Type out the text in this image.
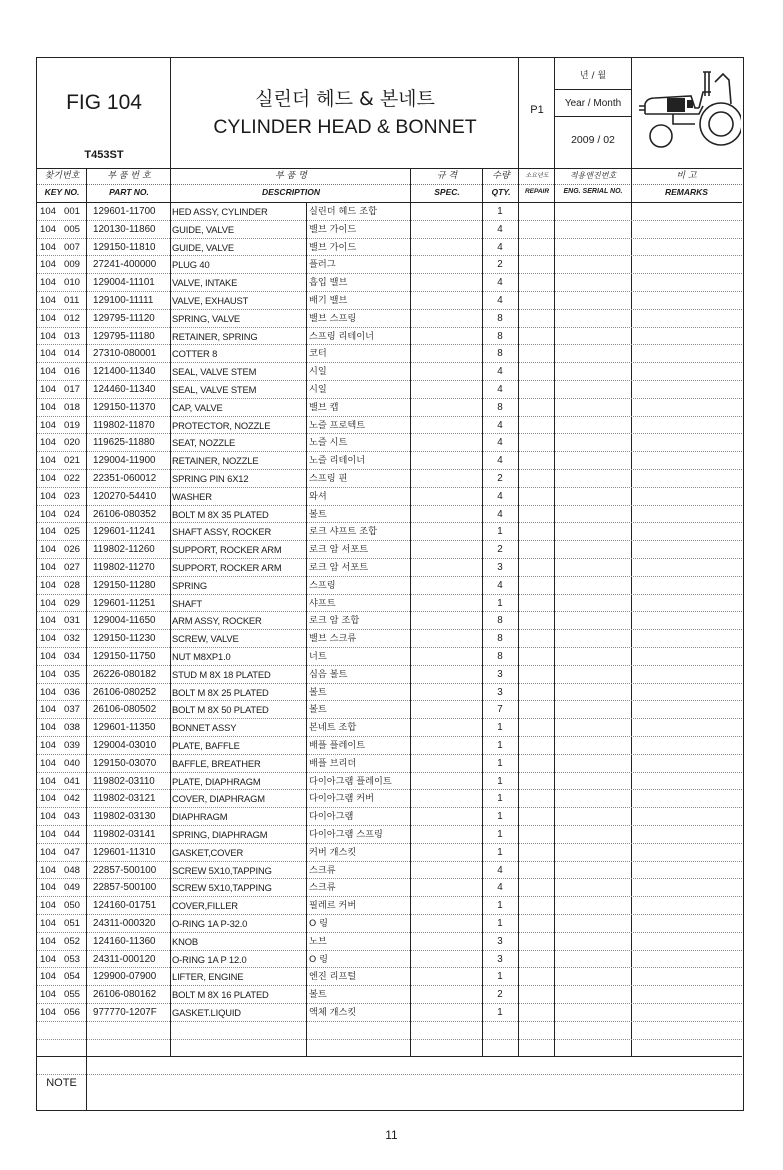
FIG 104
T453ST
실린더 헤드 & 본네트
CYLINDER HEAD & BONNET
P1
년 / 월
Year / Month
2009 / 02
찾기번호
KEY NO.
부 품 번 호
PART NO.
부 품 명
DESCRIPTION
규 격
SPEC.
수량
QTY.
소요년도
REPAIR
적용엔진번호
ENG. SERIAL NO.
비 고
REMARKS
104 001	129601-11700	HED ASSY, CYLINDER	실린더 헤드 조합	1
104 005	120130-11860	GUIDE, VALVE	밸브 가이드	4
104 007	129150-11810	GUIDE, VALVE	밸브 가이드	4
104 009	27241-400000	PLUG 40	플러그	2
104 010	129004-11101	VALVE, INTAKE	흡입 밸브	4
104 011	129100-11111	VALVE, EXHAUST	배기 밸브	4
104 012	129795-11120	SPRING, VALVE	밸브 스프링	8
104 013	129795-11180	RETAINER, SPRING	스프링 리테이너	8
104 014	27310-080001	COTTER 8	코터	8
104 016	121400-11340	SEAL, VALVE STEM	시일	4
104 017	124460-11340	SEAL, VALVE STEM	시일	4
104 018	129150-11370	CAP, VALVE	밸브 캡	8
104 019	119802-11870	PROTECTOR, NOZZLE	노즐 프로텍트	4
104 020	119625-11880	SEAT, NOZZLE	노즐 시트	4
104 021	129004-11900	RETAINER, NOZZLE	노즐 리테이너	4
104 022	22351-060012	SPRING PIN 6X12	스프링 핀	2
104 023	120270-54410	WASHER	와셔	4
104 024	26106-080352	BOLT M 8X 35 PLATED	볼트	4
104 025	129601-11241	SHAFT ASSY, ROCKER	로크 샤프트 조합	1
104 026	119802-11260	SUPPORT, ROCKER ARM	로크 암 서포트	2
104 027	119802-11270	SUPPORT, ROCKER ARM	로크 암 서포트	3
104 028	129150-11280	SPRING	스프링	4
104 029	129601-11251	SHAFT	샤프트	1
104 031	129004-11650	ARM ASSY, ROCKER	로크 암 조합	8
104 032	129150-11230	SCREW, VALVE	밸브 스크류	8
104 034	129150-11750	NUT M8XP1.0	너트	8
104 035	26226-080182	STUD M 8X 18 PLATED	심음 볼트	3
104 036	26106-080252	BOLT M 8X 25 PLATED	볼트	3
104 037	26106-080502	BOLT M 8X 50 PLATED	볼트	7
104 038	129601-11350	BONNET ASSY	본네트 조합	1
104 039	129004-03010	PLATE, BAFFLE	배플 플레이트	1
104 040	129150-03070	BAFFLE, BREATHER	배플 브리더	1
104 041	119802-03110	PLATE, DIAPHRAGM	다이아그램 플레이트	1
104 042	119802-03121	COVER, DIAPHRAGM	다이아그램 커버	1
104 043	119802-03130	DIAPHRAGM	다이아그램	1
104 044	119802-03141	SPRING, DIAPHRAGM	다이아그램 스프링	1
104 047	129601-11310	GASKET,COVER	커버 개스킷	1
104 048	22857-500100	SCREW 5X10,TAPPING	스크류	4
104 049	22857-500100	SCREW 5X10,TAPPING	스크류	4
104 050	124160-01751	COVER,FILLER	필레르 커버	1
104 051	24311-000320	O-RING 1A P-32.0	O 링	1
104 052	124160-11360	KNOB	노브	3
104 053	24311-000120	O-RING 1A P 12.0	O 링	3
104 054	129900-07900	LIFTER, ENGINE	엔진 리프털	1
104 055	26106-080162	BOLT M 8X 16 PLATED	볼트	2
104 056	977770-1207F	GASKET.LIQUID	액체 개스킷	1
NOTE
11
